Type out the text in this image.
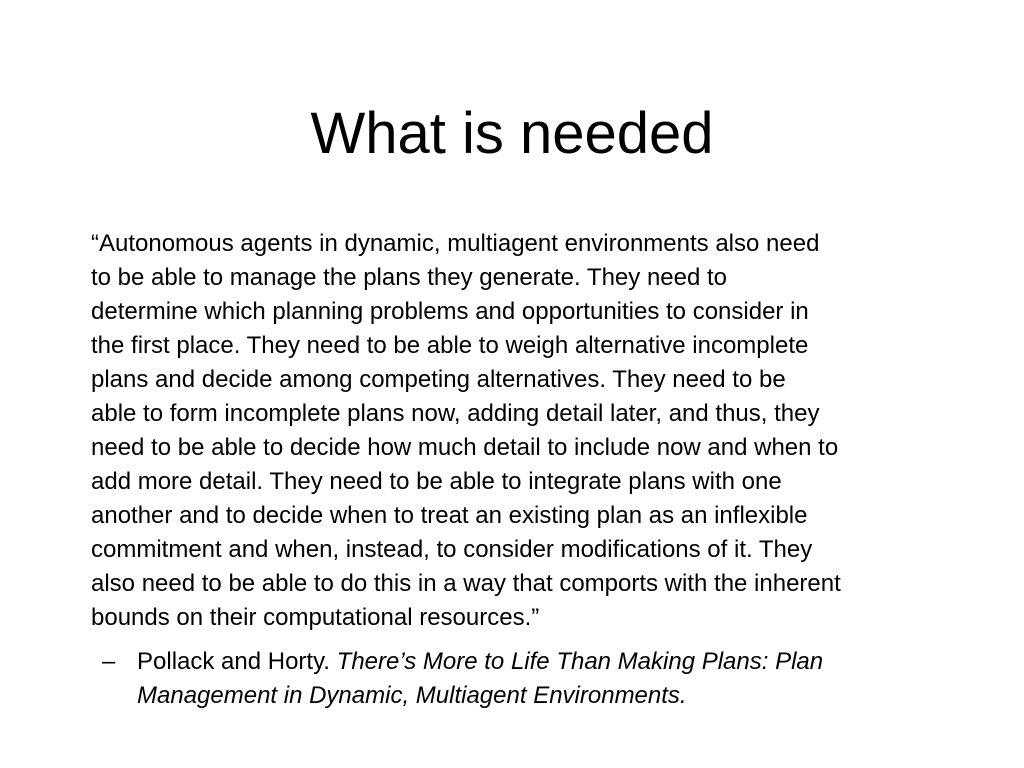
What is needed
“Autonomous agents in dynamic, multiagent environments also need
to be able to manage the plans they generate. They need to
determine which planning problems and opportunities to consider in
the first place. They need to be able to weigh alternative incomplete
plans and decide among competing alternatives. They need to be
able to form incomplete plans now, adding detail later, and thus, they
need to be able to decide how much detail to include now and when to
add more detail. They need to be able to integrate plans with one
another and to decide when to treat an existing plan as an inflexible
commitment and when, instead, to consider modifications of it. They
also need to be able to do this in a way that comports with the inherent
bounds on their computational resources.”
– Pollack and Horty. There’s More to Life Than Making Plans: Plan
Management in Dynamic, Multiagent Environments.
